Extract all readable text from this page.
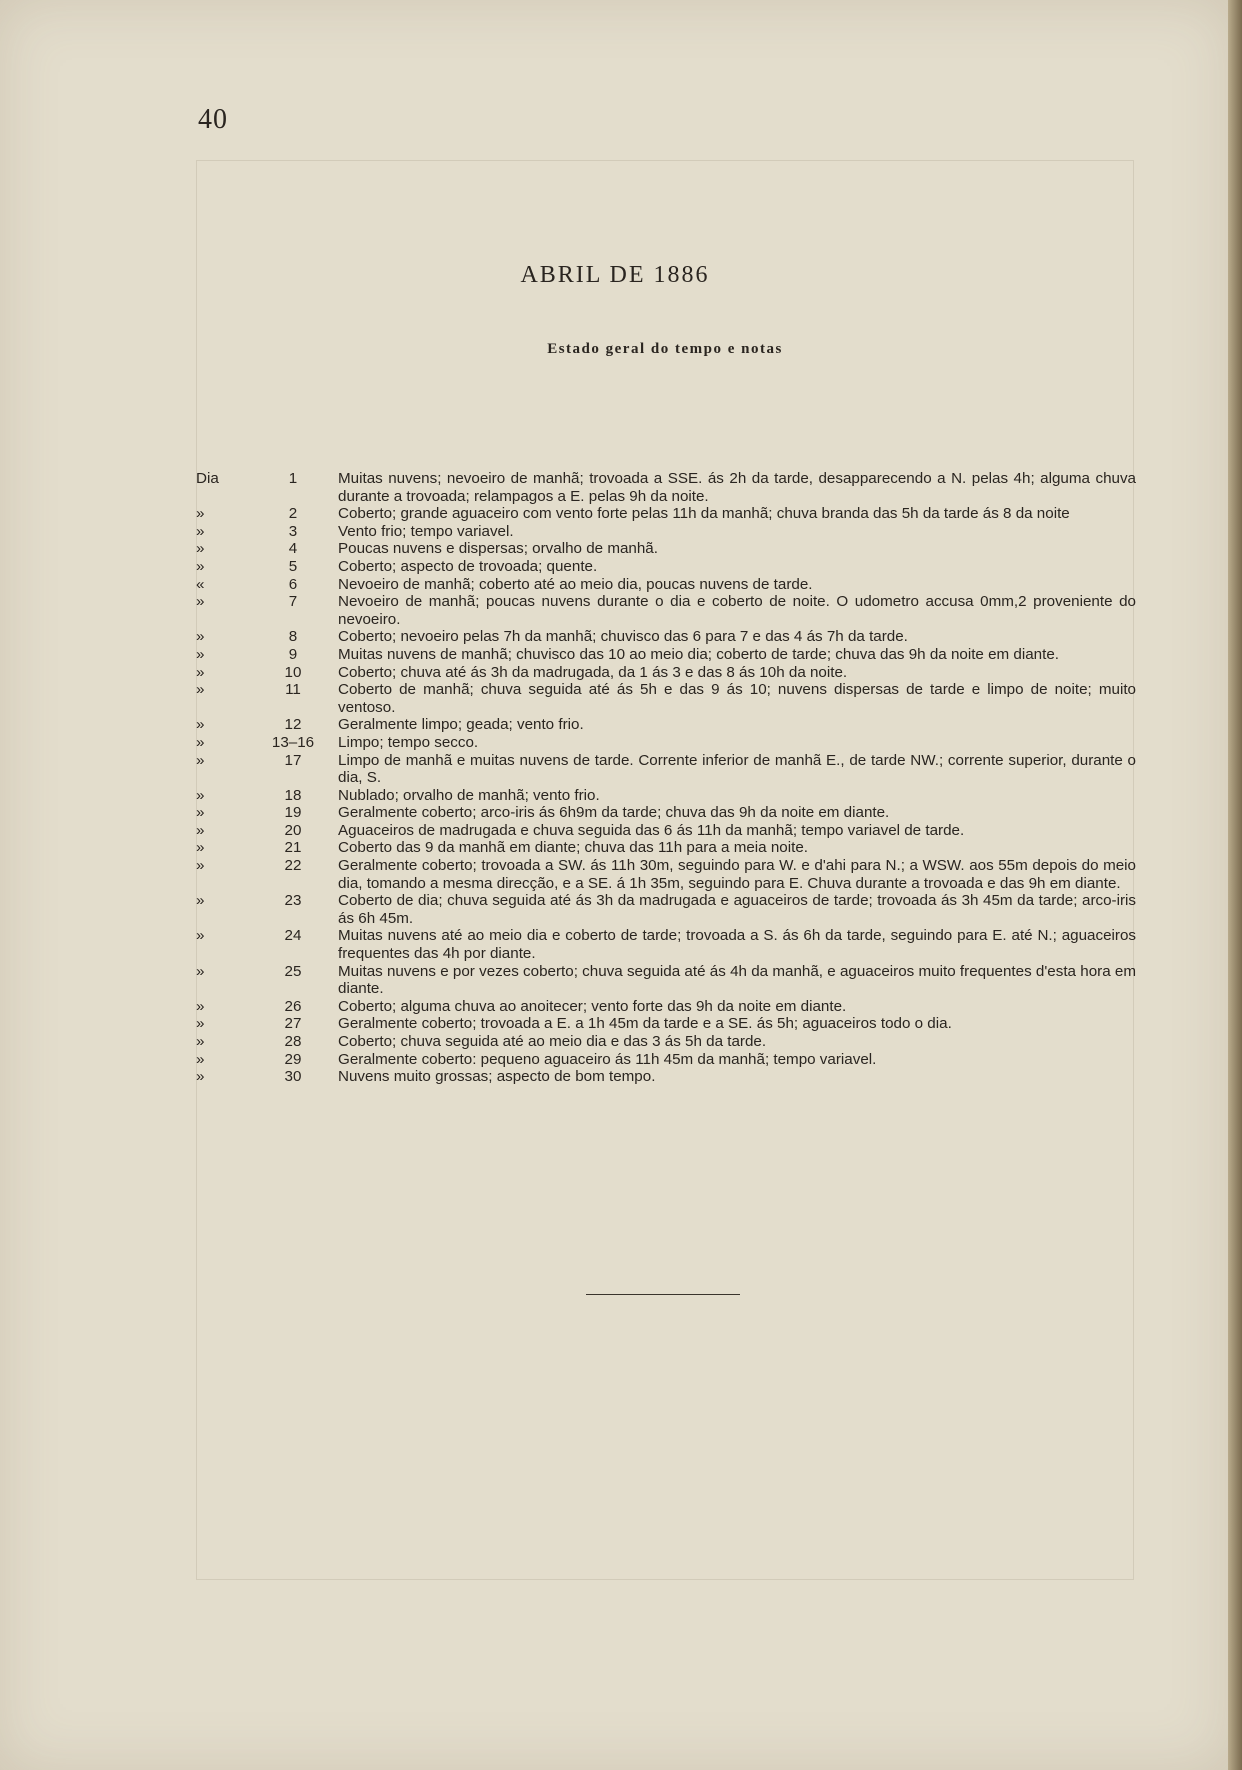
40
ABRIL DE 1886
Estado geral do tempo e notas
Dia	1	Muitas nuvens; nevoeiro de manhã; trovoada a SSE. ás 2h da tarde, desapparecendo a N. pelas 4h; alguma chuva durante a trovoada; relampagos a E. pelas 9h da noite.
»	2	Coberto; grande aguaceiro com vento forte pelas 11h da manhã; chuva branda das 5h da tarde ás 8 da noite
»	3	Vento frio; tempo variavel.
»	4	Poucas nuvens e dispersas; orvalho de manhã.
»	5	Coberto; aspecto de trovoada; quente.
«	6	Nevoeiro de manhã; coberto até ao meio dia, poucas nuvens de tarde.
»	7	Nevoeiro de manhã; poucas nuvens durante o dia e coberto de noite. O udometro accusa 0mm,2 proveniente do nevoeiro.
»	8	Coberto; nevoeiro pelas 7h da manhã; chuvisco das 6 para 7 e das 4 ás 7h da tarde.
»	9	Muitas nuvens de manhã; chuvisco das 10 ao meio dia; coberto de tarde; chuva das 9h da noite em diante.
»	10	Coberto; chuva até ás 3h da madrugada, da 1 ás 3 e das 8 ás 10h da noite.
»	11	Coberto de manhã; chuva seguida até ás 5h e das 9 ás 10; nuvens dispersas de tarde e limpo de noite; muito ventoso.
»	12	Geralmente limpo; geada; vento frio.
»	13–16	Limpo; tempo secco.
»	17	Limpo de manhã e muitas nuvens de tarde. Corrente inferior de manhã E., de tarde NW.; corrente superior, durante o dia, S.
»	18	Nublado; orvalho de manhã; vento frio.
»	19	Geralmente coberto; arco-iris ás 6h9m da tarde; chuva das 9h da noite em diante.
»	20	Aguaceiros de madrugada e chuva seguida das 6 ás 11h da manhã; tempo variavel de tarde.
»	21	Coberto das 9 da manhã em diante; chuva das 11h para a meia noite.
»	22	Geralmente coberto; trovoada a SW. ás 11h 30m, seguindo para W. e d'ahi para N.; a WSW. aos 55m depois do meio dia, tomando a mesma direcção, e a SE. á 1h 35m, seguindo para E. Chuva durante a trovoada e das 9h em diante.
»	23	Coberto de dia; chuva seguida até ás 3h da madrugada e aguaceiros de tarde; trovoada ás 3h 45m da tarde; arco-iris ás 6h 45m.
»	24	Muitas nuvens até ao meio dia e coberto de tarde; trovoada a S. ás 6h da tarde, seguindo para E. até N.; aguaceiros frequentes das 4h por diante.
»	25	Muitas nuvens e por vezes coberto; chuva seguida até ás 4h da manhã, e aguaceiros muito frequentes d'esta hora em diante.
»	26	Coberto; alguma chuva ao anoitecer; vento forte das 9h da noite em diante.
»	27	Geralmente coberto; trovoada a E. a 1h 45m da tarde e a SE. ás 5h; aguaceiros todo o dia.
»	28	Coberto; chuva seguida até ao meio dia e das 3 ás 5h da tarde.
»	29	Geralmente coberto: pequeno aguaceiro ás 11h 45m da manhã; tempo variavel.
»	30	Nuvens muito grossas; aspecto de bom tempo.
